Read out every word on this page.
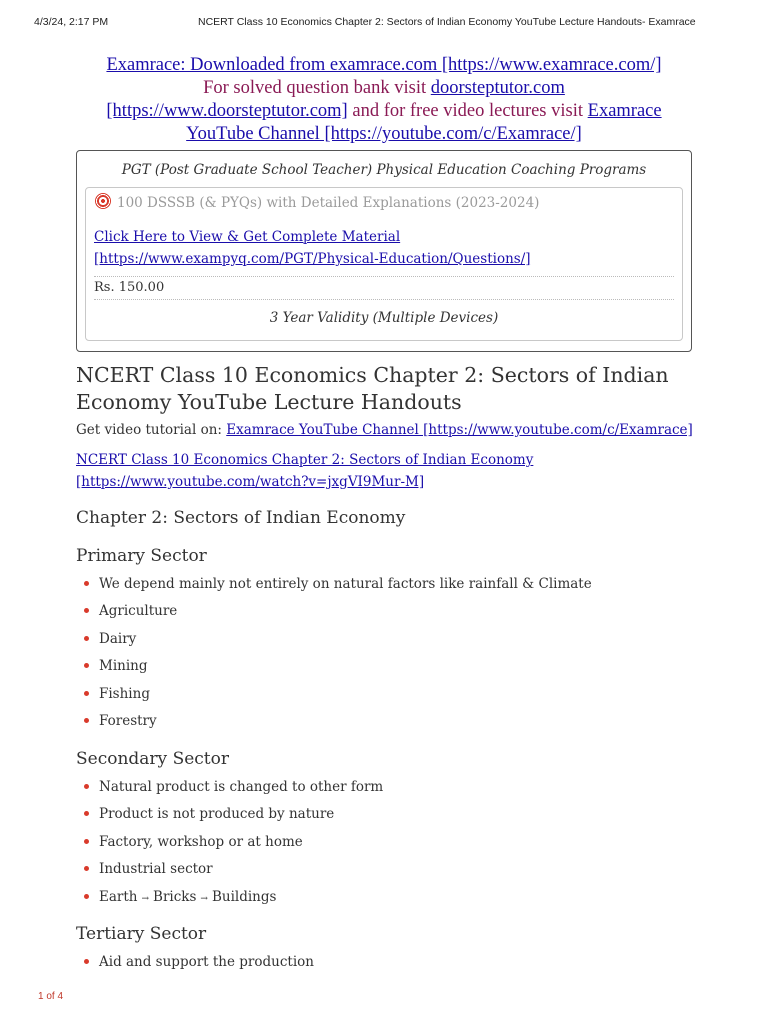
4/3/24, 2:17 PM	NCERT Class 10 Economics Chapter 2: Sectors of Indian Economy YouTube Lecture Handouts- Examrace
Examrace: Downloaded from examrace.com [https://www.examrace.com/]
For solved question bank visit doorsteptutor.com
[https://www.doorsteptutor.com] and for free video lectures visit Examrace
YouTube Channel [https://youtube.com/c/Examrace/]
PGT (Post Graduate School Teacher) Physical Education Coaching Programs
100 DSSSB (& PYQs) with Detailed Explanations (2023-2024)
Click Here to View & Get Complete Material [https://www.exampyq.com/PGT/Physical-Education/Questions/]
Rs. 150.00
3 Year Validity (Multiple Devices)
NCERT Class 10 Economics Chapter 2: Sectors of Indian Economy YouTube Lecture Handouts
Get video tutorial on: Examrace YouTube Channel [https://www.youtube.com/c/Examrace]
NCERT Class 10 Economics Chapter 2: Sectors of Indian Economy [https://www.youtube.com/watch?v=jxgVI9Mur-M]
Chapter 2: Sectors of Indian Economy
Primary Sector
We depend mainly not entirely on natural factors like rainfall & Climate
Agriculture
Dairy
Mining
Fishing
Forestry
Secondary Sector
Natural product is changed to other form
Product is not produced by nature
Factory, workshop or at home
Industrial sector
Earth → Bricks → Buildings
Tertiary Sector
Aid and support the production
1 of 4
